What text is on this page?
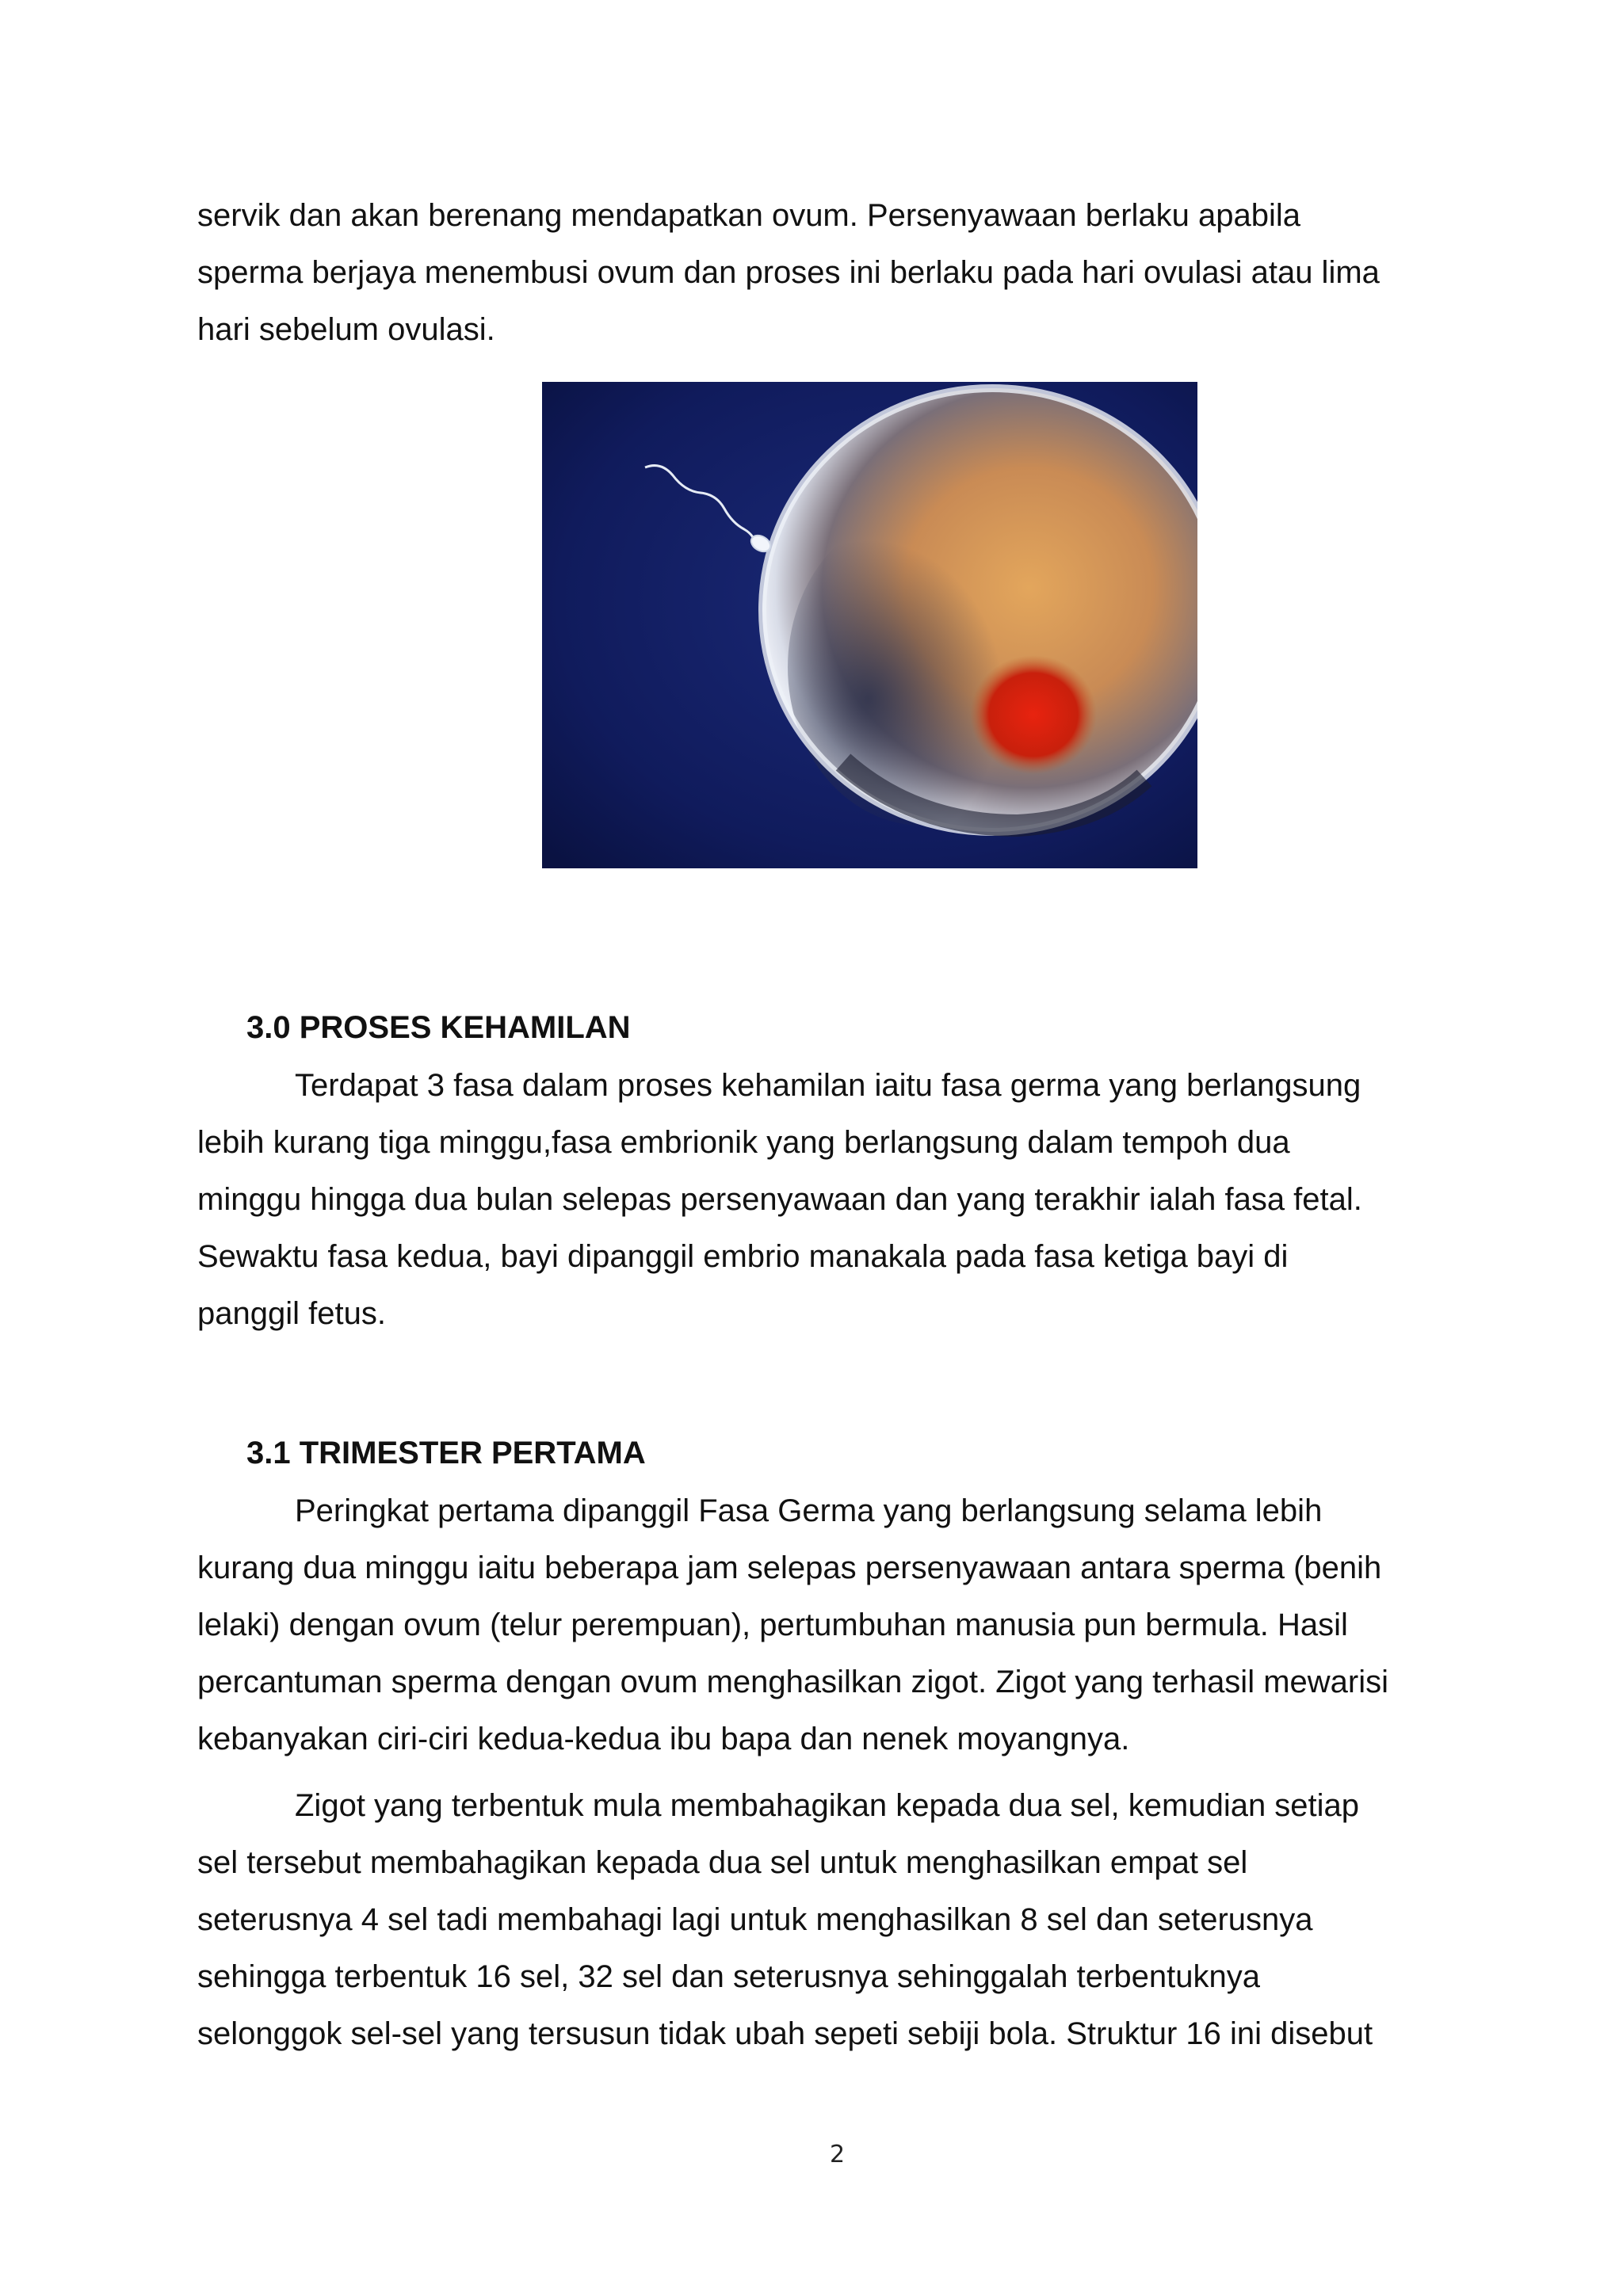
servik dan akan berenang mendapatkan ovum. Persenyawaan berlaku apabila
sperma berjaya menembusi ovum dan proses ini berlaku pada hari ovulasi atau lima
hari sebelum ovulasi.

3.0 PROSES KEHAMILAN

Terdapat 3 fasa dalam proses kehamilan iaitu fasa germa yang berlangsung
lebih kurang tiga minggu,fasa embrionik yang berlangsung dalam tempoh dua
minggu hingga dua bulan selepas persenyawaan dan yang terakhir ialah fasa fetal.
Sewaktu fasa kedua, bayi dipanggil embrio manakala pada fasa ketiga bayi di
panggil fetus.

3.1 TRIMESTER PERTAMA

Peringkat pertama dipanggil Fasa Germa yang berlangsung selama lebih
kurang dua minggu iaitu beberapa jam selepas persenyawaan antara sperma (benih
lelaki) dengan ovum (telur perempuan), pertumbuhan manusia pun bermula. Hasil
percantuman sperma dengan ovum menghasilkan zigot. Zigot yang terhasil mewarisi
kebanyakan ciri-ciri kedua-kedua ibu bapa dan nenek moyangnya.

Zigot yang terbentuk mula membahagikan kepada dua sel, kemudian setiap
sel tersebut membahagikan kepada dua sel untuk menghasilkan empat sel
seterusnya 4 sel tadi membahagi lagi untuk menghasilkan 8 sel dan seterusnya
sehingga terbentuk 16 sel, 32 sel dan seterusnya sehinggalah terbentuknya
selonggok sel-sel yang tersusun tidak ubah sepeti sebiji bola. Struktur 16 ini disebut

2
